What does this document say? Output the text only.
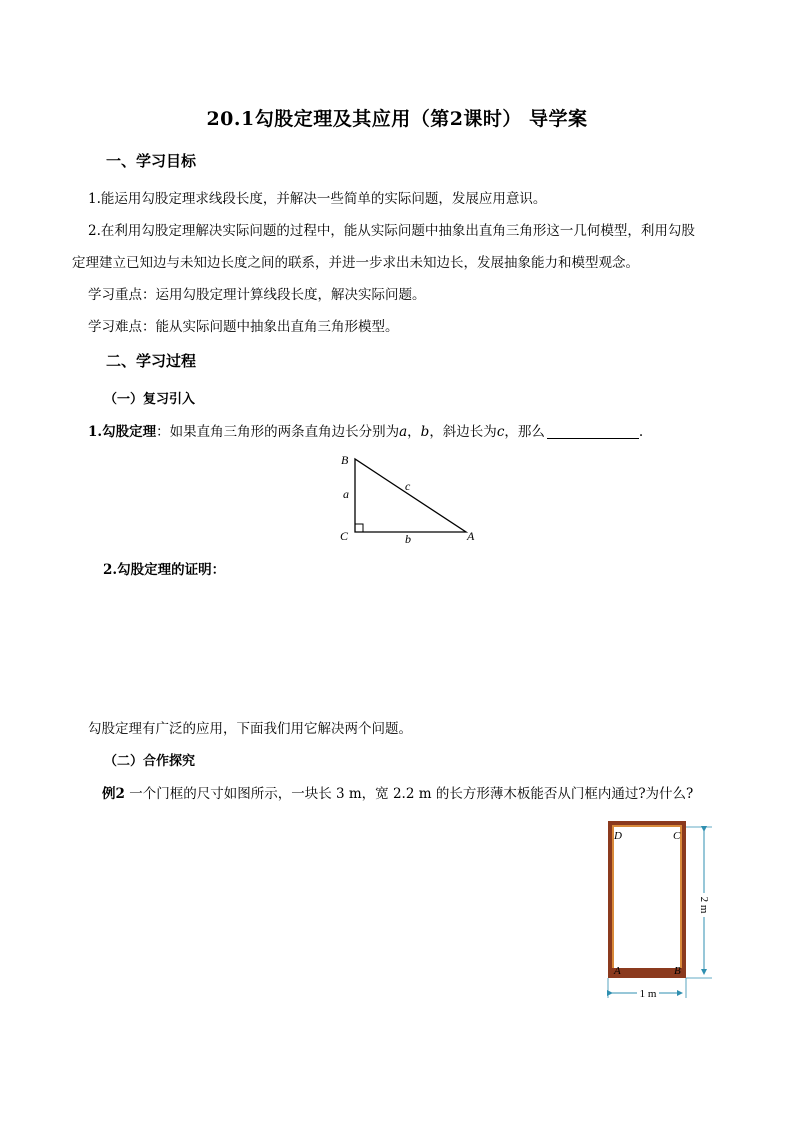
20.1勾股定理及其应用（第2课时） 导学案
一、学习目标
1.能运用勾股定理求线段长度，并解决一些简单的实际问题，发展应用意识。
2.在利用勾股定理解决实际问题的过程中，能从实际问题中抽象出直角三角形这一几何模型，利用勾股
定理建立已知边与未知边长度之间的联系，并进一步求出未知边长，发展抽象能力和模型观念。
学习重点：运用勾股定理计算线段长度，解决实际问题。
学习难点：能从实际问题中抽象出直角三角形模型。
二、学习过程
（一）复习引入
1.勾股定理：如果直角三角形的两条直角边长分别为a，b，斜边长为c，那么	.
B
C	A
a
b
c
2.勾股定理的证明：
勾股定理有广泛的应用，下面我们用它解决两个问题。
（二）合作探究
例2 一个门框的尺寸如图所示，一块长 3 m，宽 2.2 m 的长方形薄木板能否从门框内通过?为什么?
D	C
A	B
2 m
1 m
